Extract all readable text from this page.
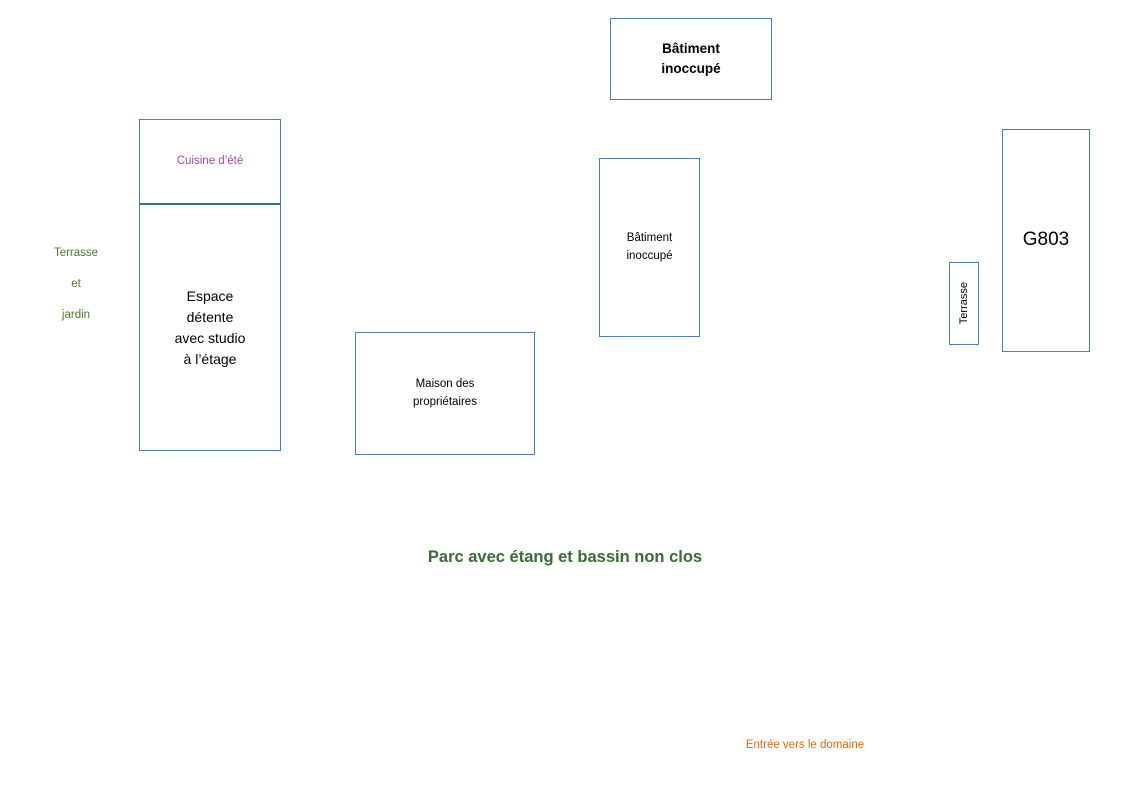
Bâtiment
inoccupé
Cuisine d’été
Espace
détente
avec studio
à l’étage
Maison des
propriétaires
Bâtiment
inoccupé
G803
Terrasse
Terrasse
et
jardin
Parc avec étang et bassin non clos
Entrée vers le domaine
